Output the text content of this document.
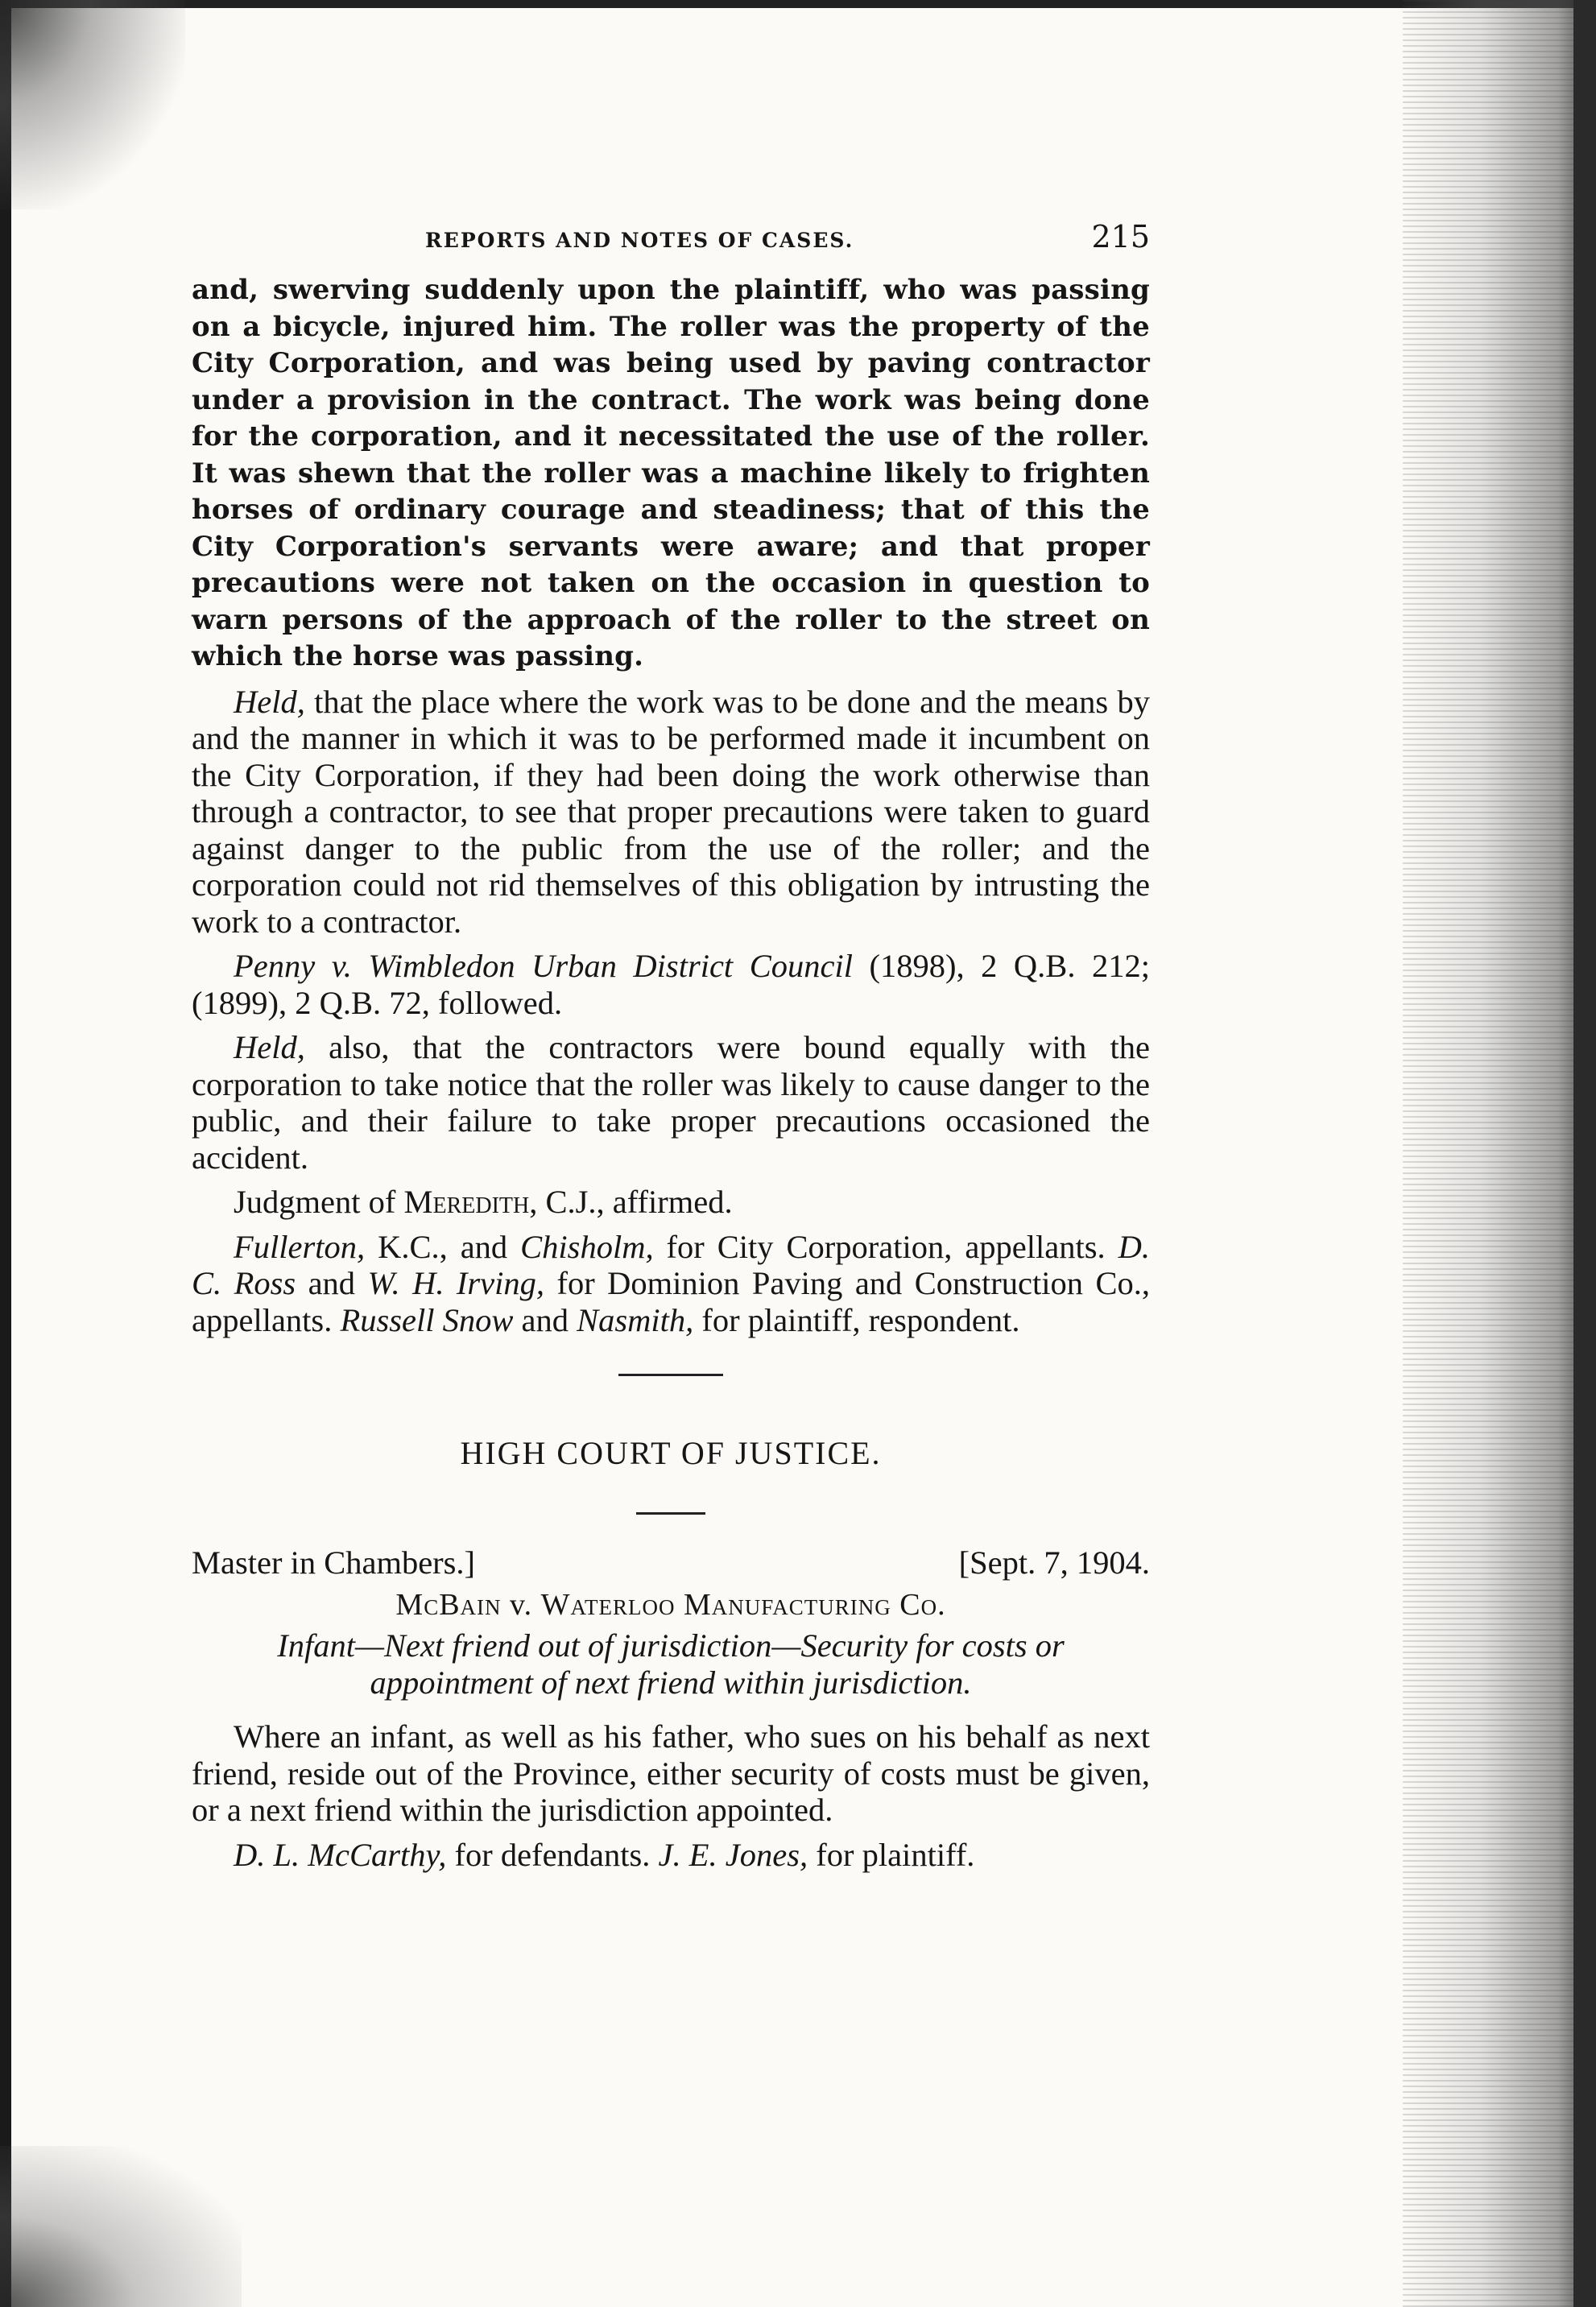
REPORTS AND NOTES OF CASES.	215

and, swerving suddenly upon the plaintiff, who was passing on a bicycle, injured him. The roller was the property of the City Corporation, and was being used by paving contractor under a provision in the contract. The work was being done for the corporation, and it necessitated the use of the roller. It was shewn that the roller was a machine likely to frighten horses of ordinary courage and steadiness; that of this the City Corporation's servants were aware; and that proper precautions were not taken on the occasion in question to warn persons of the approach of the roller to the street on which the horse was passing.

Held, that the place where the work was to be done and the means by and the manner in which it was to be performed made it incumbent on the City Corporation, if they had been doing the work otherwise than through a contractor, to see that proper precautions were taken to guard against danger to the public from the use of the roller; and the corporation could not rid themselves of this obligation by intrusting the work to a contractor.

Penny v. Wimbledon Urban District Council (1898), 2 Q.B. 212; (1899), 2 Q.B. 72, followed.

Held, also, that the contractors were bound equally with the corporation to take notice that the roller was likely to cause danger to the public, and their failure to take proper precautions occasioned the accident.

Judgment of Meredith, C.J., affirmed.

Fullerton, K.C., and Chisholm, for City Corporation, appellants. D. C. Ross and W. H. Irving, for Dominion Paving and Construction Co., appellants. Russell Snow and Nasmith, for plaintiff, respondent.

HIGH COURT OF JUSTICE.
Master in Chambers.]	[Sept. 7, 1904.
McBain v. Waterloo Manufacturing Co.
Infant—Next friend out of jurisdiction—Security for costs or appointment of next friend within jurisdiction.

Where an infant, as well as his father, who sues on his behalf as next friend, reside out of the Province, either security of costs must be given, or a next friend within the jurisdiction appointed.

D. L. McCarthy, for defendants. J. E. Jones, for plaintiff.
